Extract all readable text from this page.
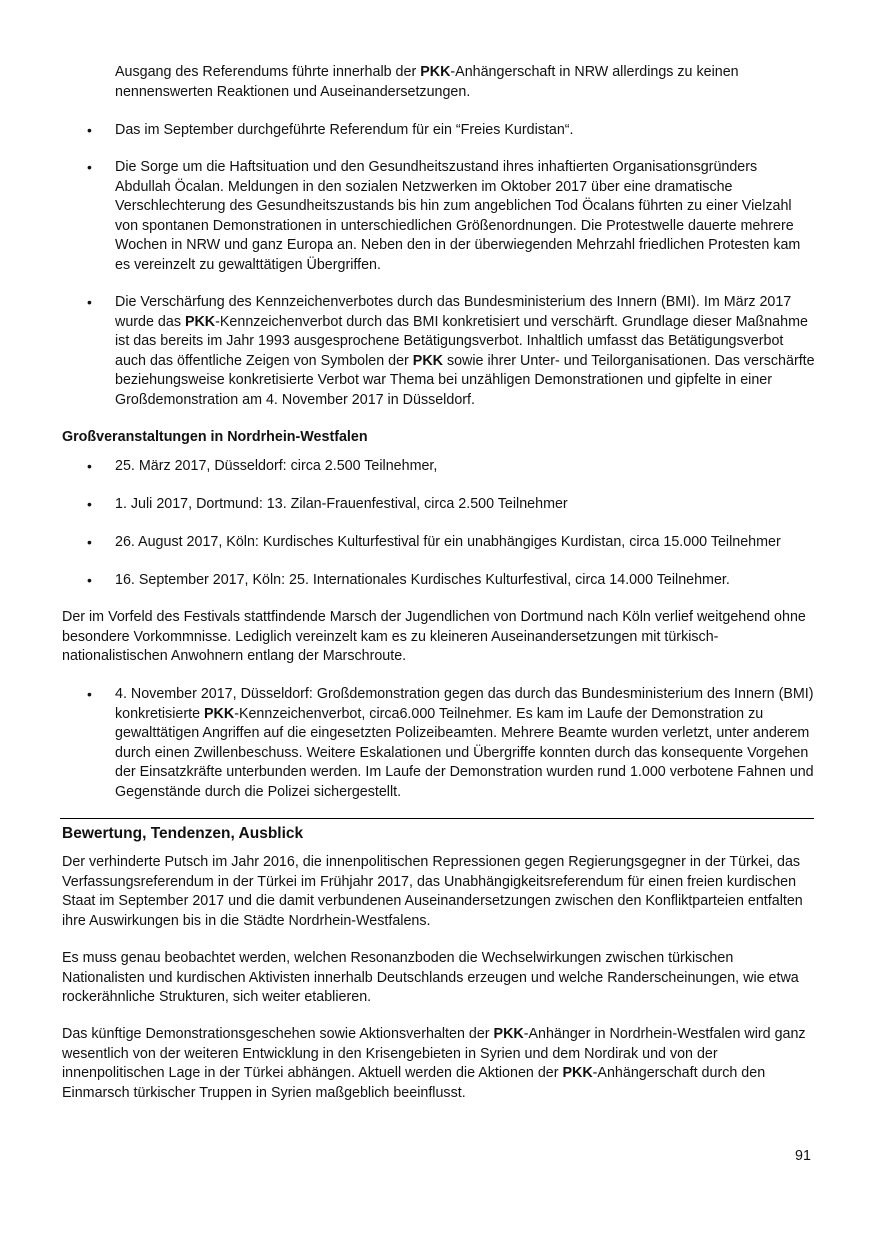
Ausgang des Referendums führte innerhalb der PKK-Anhängerschaft in NRW allerdings zu keinen nennenswerten Reaktionen und Auseinandersetzungen.

• Das im September durchgeführte Referendum für ein “Freies Kurdistan“.

• Die Sorge um die Haftsituation und den Gesundheitszustand ihres inhaftierten Organisationsgründers Abdullah Öcalan. Meldungen in den sozialen Netzwerken im Oktober 2017 über eine dramatische Verschlechterung des Gesundheitszustands bis hin zum angeblichen Tod Öcalans führten zu einer Vielzahl von spontanen Demonstrationen in unterschiedlichen Größenordnungen. Die Protestwelle dauerte mehrere Wochen in NRW und ganz Europa an. Neben den in der überwiegenden Mehrzahl friedlichen Protesten kam es vereinzelt zu gewalttätigen Übergriffen.

• Die Verschärfung des Kennzeichenverbotes durch das Bundesministerium des Innern (BMI). Im März 2017 wurde das PKK-Kennzeichenverbot durch das BMI konkretisiert und verschärft. Grundlage dieser Maßnahme ist das bereits im Jahr 1993 ausgesprochene Betätigungsverbot. Inhaltlich umfasst das Betätigungsverbot auch das öffentliche Zeigen von Symbolen der PKK sowie ihrer Unter- und Teilorganisationen. Das verschärfte beziehungsweise konkretisierte Verbot war Thema bei unzähligen Demonstrationen und gipfelte in einer Großdemonstration am 4. November 2017 in Düsseldorf.

Großveranstaltungen in Nordrhein-Westfalen
• 25. März 2017, Düsseldorf: circa 2.500 Teilnehmer,

• 1. Juli 2017, Dortmund: 13. Zilan-Frauenfestival, circa 2.500 Teilnehmer

• 26. August 2017, Köln: Kurdisches Kulturfestival für ein unabhängiges Kurdistan, circa 15.000 Teilnehmer

• 16. September 2017, Köln: 25. Internationales Kurdisches Kulturfestival, circa 14.000 Teilnehmer.

Der im Vorfeld des Festivals stattfindende Marsch der Jugendlichen von Dortmund nach Köln verlief weitgehend ohne besondere Vorkommnisse. Lediglich vereinzelt kam es zu kleineren Auseinandersetzungen mit türkisch-nationalistischen Anwohnern entlang der Marschroute.

• 4. November 2017, Düsseldorf: Großdemonstration gegen das durch das Bundesministerium des Innern (BMI) konkretisierte PKK-Kennzeichenverbot, circa6.000 Teilnehmer. Es kam im Laufe der Demonstration zu gewalttätigen Angriffen auf die eingesetzten Polizeibeamten. Mehrere Beamte wurden verletzt, unter anderem durch einen Zwillenbeschuss. Weitere Eskalationen und Übergriffe konnten durch das konsequente Vorgehen der Einsatzkräfte unterbunden werden. Im Laufe der Demonstration wurden rund 1.000 verbotene Fahnen und Gegenstände durch die Polizei sichergestellt.

Bewertung, Tendenzen, Ausblick

Der verhinderte Putsch im Jahr 2016, die innenpolitischen Repressionen gegen Regierungsgegner in der Türkei, das Verfassungsreferendum in der Türkei im Frühjahr 2017, das Unabhängigkeitsreferendum für einen freien kurdischen Staat im September 2017 und die damit verbundenen Auseinandersetzungen zwischen den Konfliktparteien entfalten ihre Auswirkungen bis in die Städte Nordrhein-Westfalens.

Es muss genau beobachtet werden, welchen Resonanzboden die Wechselwirkungen zwischen türkischen Nationalisten und kurdischen Aktivisten innerhalb Deutschlands erzeugen und welche Randerscheinungen, wie etwa rockerähnliche Strukturen, sich weiter etablieren.

Das künftige Demonstrationsgeschehen sowie Aktionsverhalten der PKK-Anhänger in Nordrhein-Westfalen wird ganz wesentlich von der weiteren Entwicklung in den Krisengebieten in Syrien und dem Nordirak und von der innenpolitischen Lage in der Türkei abhängen. Aktuell werden die Aktionen der PKK-Anhängerschaft durch den Einmarsch türkischer Truppen in Syrien maßgeblich beeinflusst.

91
